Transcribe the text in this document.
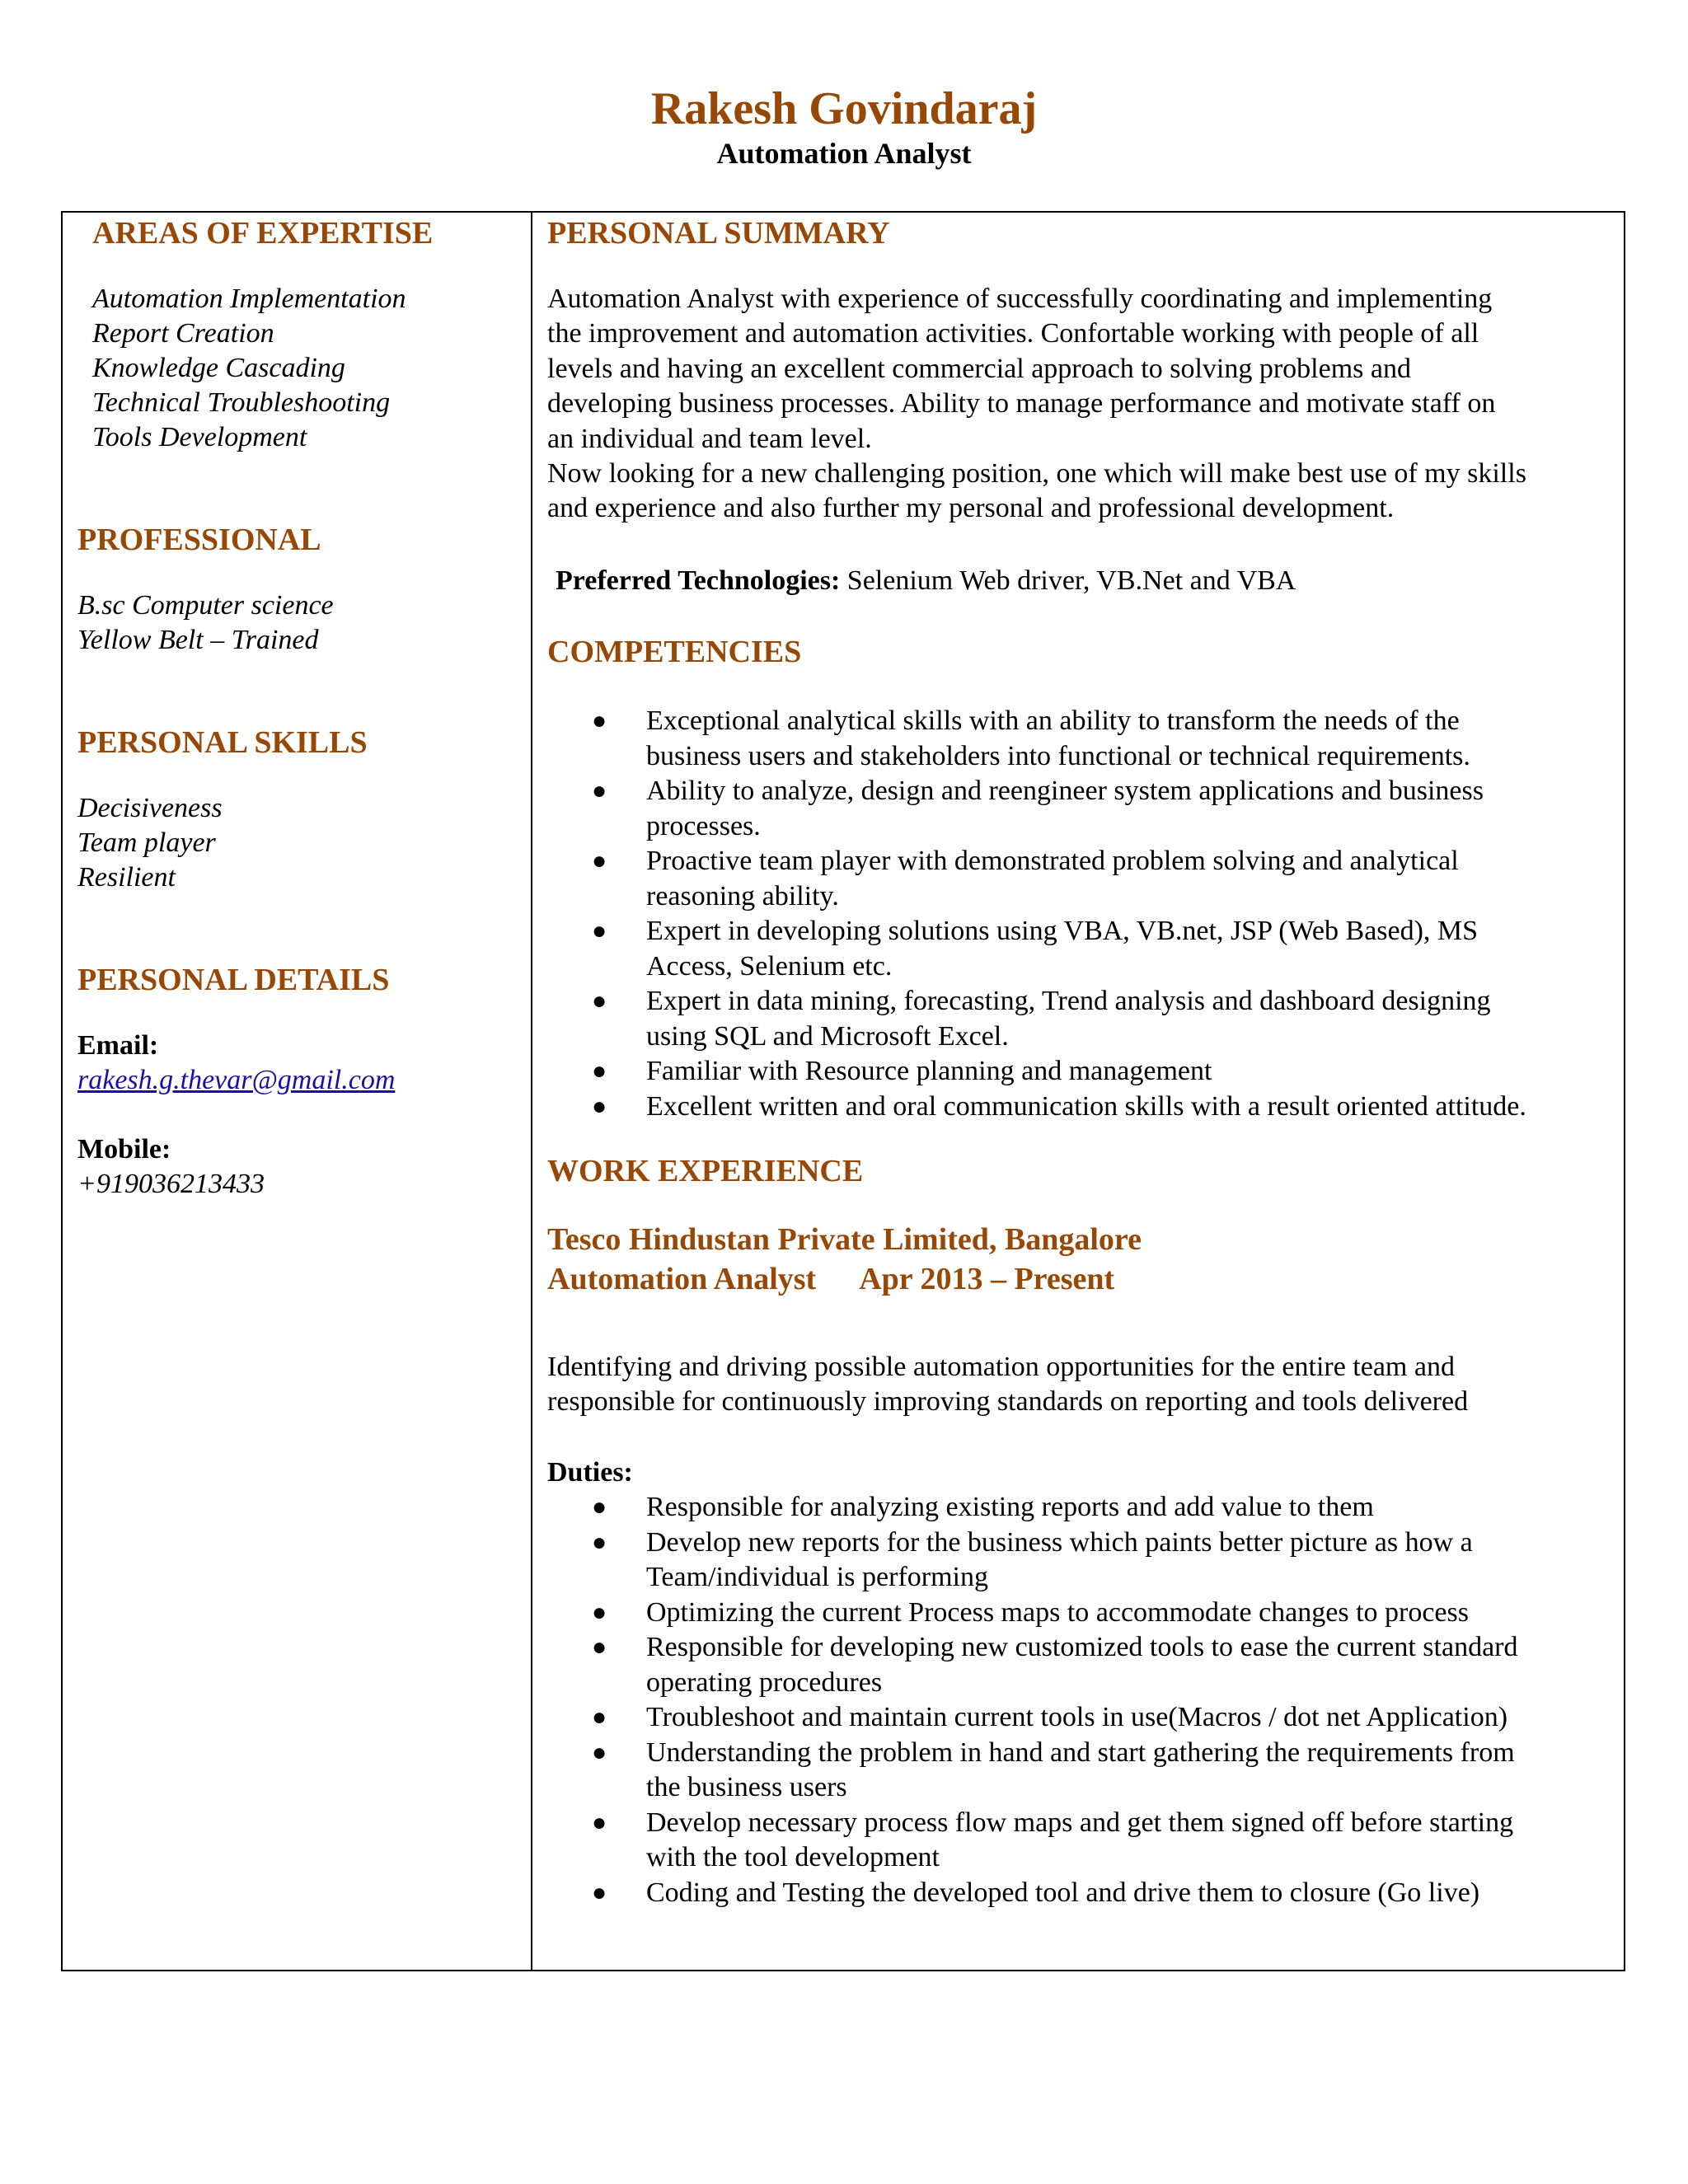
Rakesh Govindaraj
Automation Analyst
AREAS OF EXPERTISE
Automation Implementation
Report Creation
Knowledge Cascading
Technical Troubleshooting
Tools Development
PROFESSIONAL
B.sc Computer science
Yellow Belt – Trained
PERSONAL SKILLS
Decisiveness
Team player
Resilient
PERSONAL DETAILS
Email:
rakesh.g.thevar@gmail.com
Mobile:
+919036213433
PERSONAL SUMMARY
Automation Analyst with experience of successfully coordinating and implementing
the improvement and automation activities. Confortable working with people of all
levels and having an excellent commercial approach to solving problems and
developing business processes. Ability to manage performance and motivate staff on
an individual and team level.
Now looking for a new challenging position, one which will make best use of my skills
and experience and also further my personal and professional development.
Preferred Technologies: Selenium Web driver, VB.Net and VBA
COMPETENCIES
● Exceptional analytical skills with an ability to transform the needs of the
business users and stakeholders into functional or technical requirements.
● Ability to analyze, design and reengineer system applications and business
processes.
● Proactive team player with demonstrated problem solving and analytical
reasoning ability.
● Expert in developing solutions using VBA, VB.net, JSP (Web Based), MS
Access, Selenium etc.
● Expert in data mining, forecasting, Trend analysis and dashboard designing
using SQL and Microsoft Excel.
● Familiar with Resource planning and management
● Excellent written and oral communication skills with a result oriented attitude.
WORK EXPERIENCE
Tesco Hindustan Private Limited, Bangalore
Automation Analyst Apr 2013 – Present
Identifying and driving possible automation opportunities for the entire team and
responsible for continuously improving standards on reporting and tools delivered
Duties:
● Responsible for analyzing existing reports and add value to them
● Develop new reports for the business which paints better picture as how a
Team/individual is performing
● Optimizing the current Process maps to accommodate changes to process
● Responsible for developing new customized tools to ease the current standard
operating procedures
● Troubleshoot and maintain current tools in use(Macros / dot net Application)
● Understanding the problem in hand and start gathering the requirements from
the business users
● Develop necessary process flow maps and get them signed off before starting
with the tool development
● Coding and Testing the developed tool and drive them to closure (Go live)
